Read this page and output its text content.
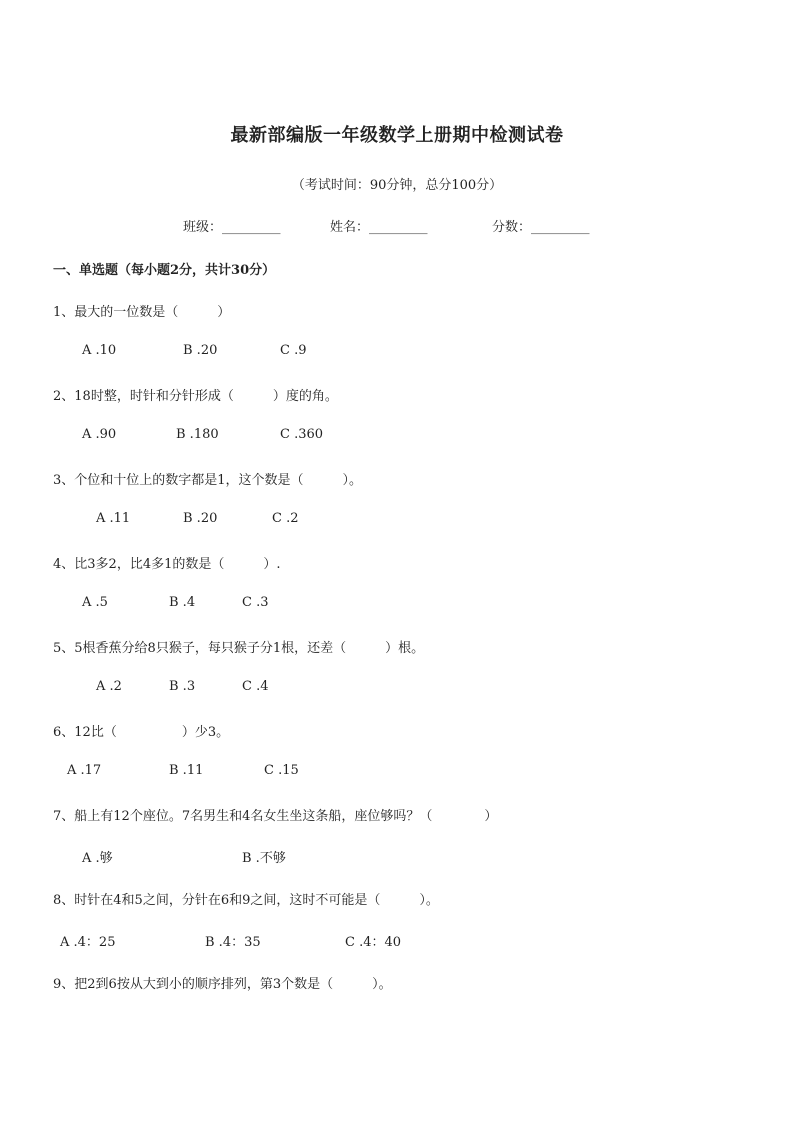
最新部编版一年级数学上册期中检测试卷
（考试时间：90分钟，总分100分）
班级：_________	姓名：_________	分数：_________
一、单选题（每小题2分，共计30分）
1、最大的一位数是（　　　）
A .10	B .20	C .9
2、18时整，时针和分针形成（　　　）度的角。
A .90	B .180	C .360
3、个位和十位上的数字都是1，这个数是（　　　）。
A .11	B .20	C .2
4、比3多2，比4多1的数是（　　　）.
A .5	B .4	C .3
5、5根香蕉分给8只猴子，每只猴子分1根，还差（　　　）根。
A .2	B .3	C .4
6、12比（　　　　　）少3。
A .17	B .11	C .15
7、船上有12个座位。7名男生和4名女生坐这条船，座位够吗？（　　　　）
A .够	B .不够
8、时针在4和5之间，分针在6和9之间，这时不可能是（　　　）。
A .4：25	B .4：35	C .4：40
9、把2到6按从大到小的顺序排列，第3个数是（　　　）。
